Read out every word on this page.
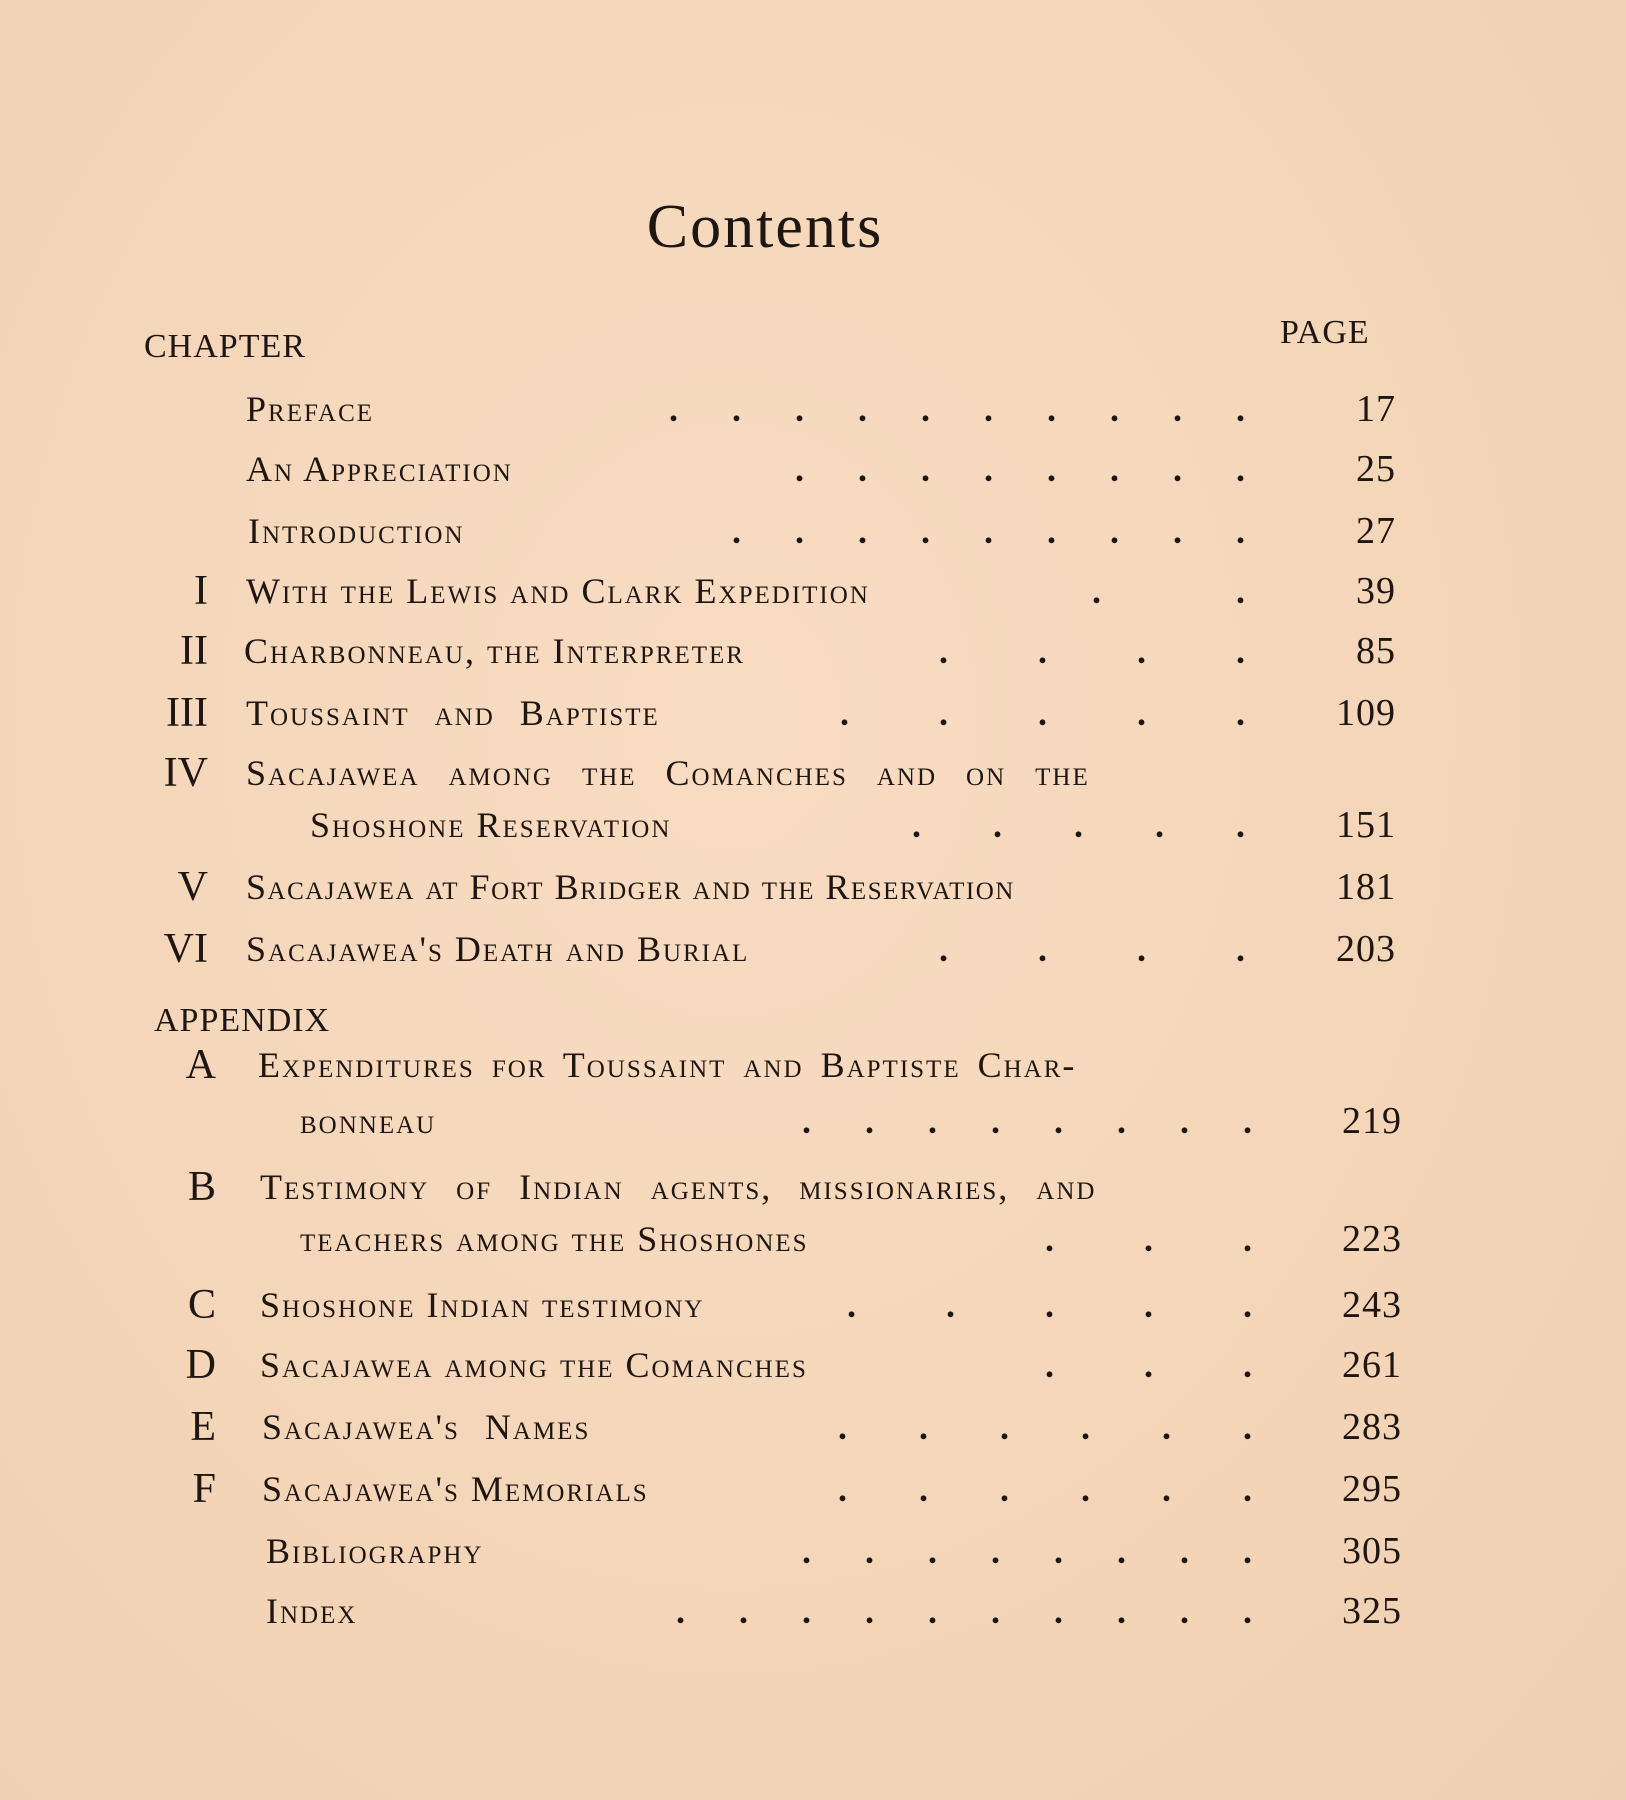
Contents
CHAPTER	PAGE
Preface	.      .      .      .      .      .      .      .      .      .	17
An Appreciation	.      .      .      .      .      .      .      .	25
Introduction	.      .      .      .      .      .      .      .      .	27
I With the Lewis and Clark Expedition	.               .	39
II Charbonneau, the Interpreter	.          .          .          .	85
III Toussaint and Baptiste	.          .          .          .          .	109
IV Sacajawea among the Comanches and on the
Shoshone Reservation	.        .        .        .        .	151
V Sacajawea at Fort Bridger and the Reservation	181
VI Sacajawea's Death and Burial	.          .          .          .	203
APPENDIX
A Expenditures for Toussaint and Baptiste Char-
bonneau	.      .      .      .      .      .      .      .	219
B Testimony of Indian agents, missionaries, and
teachers among the Shoshones	.          .          .	223
C Shoshone Indian testimony	.          .          .          .          .	243
D Sacajawea among the Comanches	.          .          .	261
E Sacajawea's Names	.        .        .        .        .        .	283
F Sacajawea's Memorials	.        .        .        .        .        .	295
Bibliography	.      .      .      .      .      .      .      .	305
Index	.      .      .      .      .      .      .      .      .      .	325
